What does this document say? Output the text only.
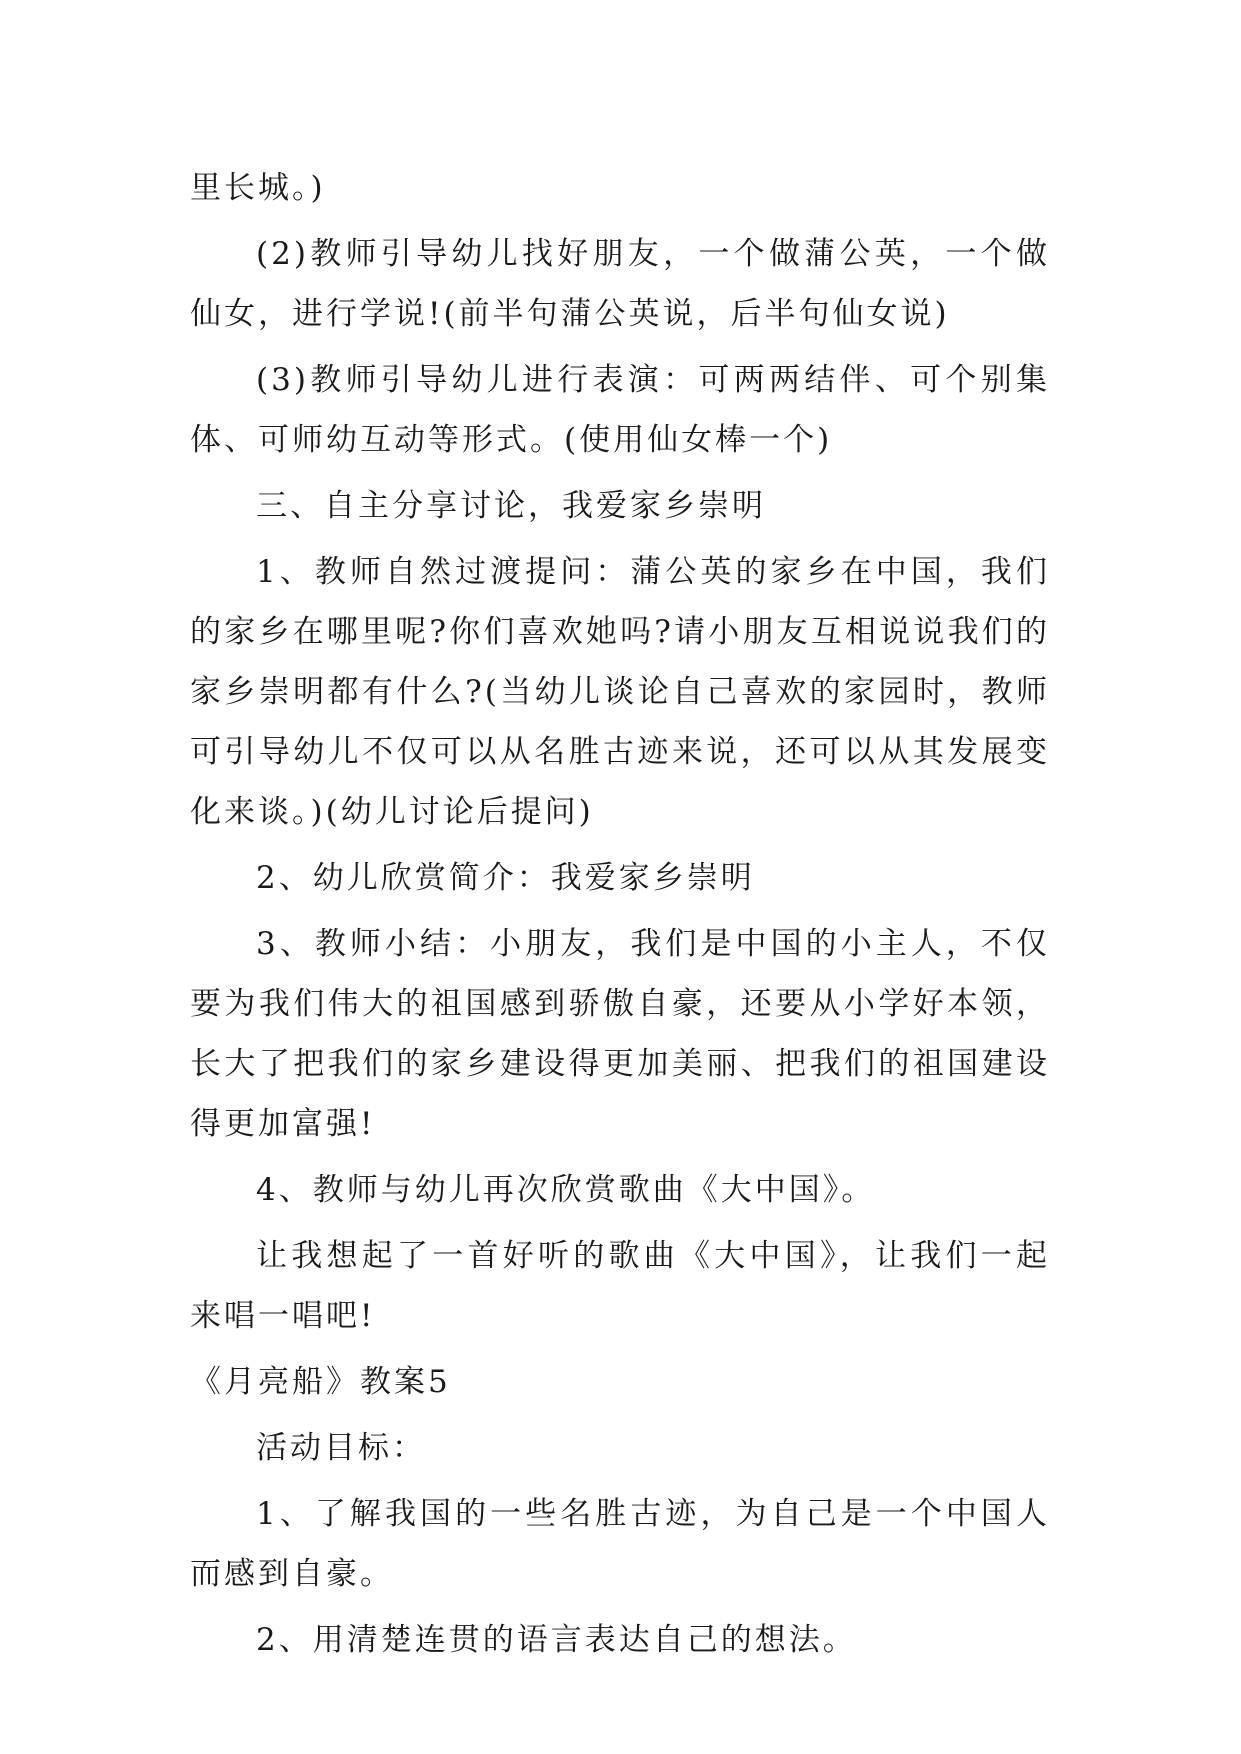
里长城。)

(2)教师引导幼儿找好朋友，一个做蒲公英，一个做仙女，进行学说!(前半句蒲公英说，后半句仙女说)

(3)教师引导幼儿进行表演：可两两结伴、可个别集体、可师幼互动等形式。(使用仙女棒一个)

三、自主分享讨论，我爱家乡崇明

1、教师自然过渡提问：蒲公英的家乡在中国，我们的家乡在哪里呢?你们喜欢她吗?请小朋友互相说说我们的家乡崇明都有什么?(当幼儿谈论自己喜欢的家园时，教师可引导幼儿不仅可以从名胜古迹来说，还可以从其发展变化来谈。)(幼儿讨论后提问)

2、幼儿欣赏简介：我爱家乡崇明

3、教师小结：小朋友，我们是中国的小主人，不仅要为我们伟大的祖国感到骄傲自豪，还要从小学好本领，长大了把我们的家乡建设得更加美丽、把我们的祖国建设得更加富强!

4、教师与幼儿再次欣赏歌曲《大中国》。

让我想起了一首好听的歌曲《大中国》，让我们一起来唱一唱吧!

《月亮船》教案5

活动目标：

1、了解我国的一些名胜古迹，为自己是一个中国人而感到自豪。

2、用清楚连贯的语言表达自己的想法。
